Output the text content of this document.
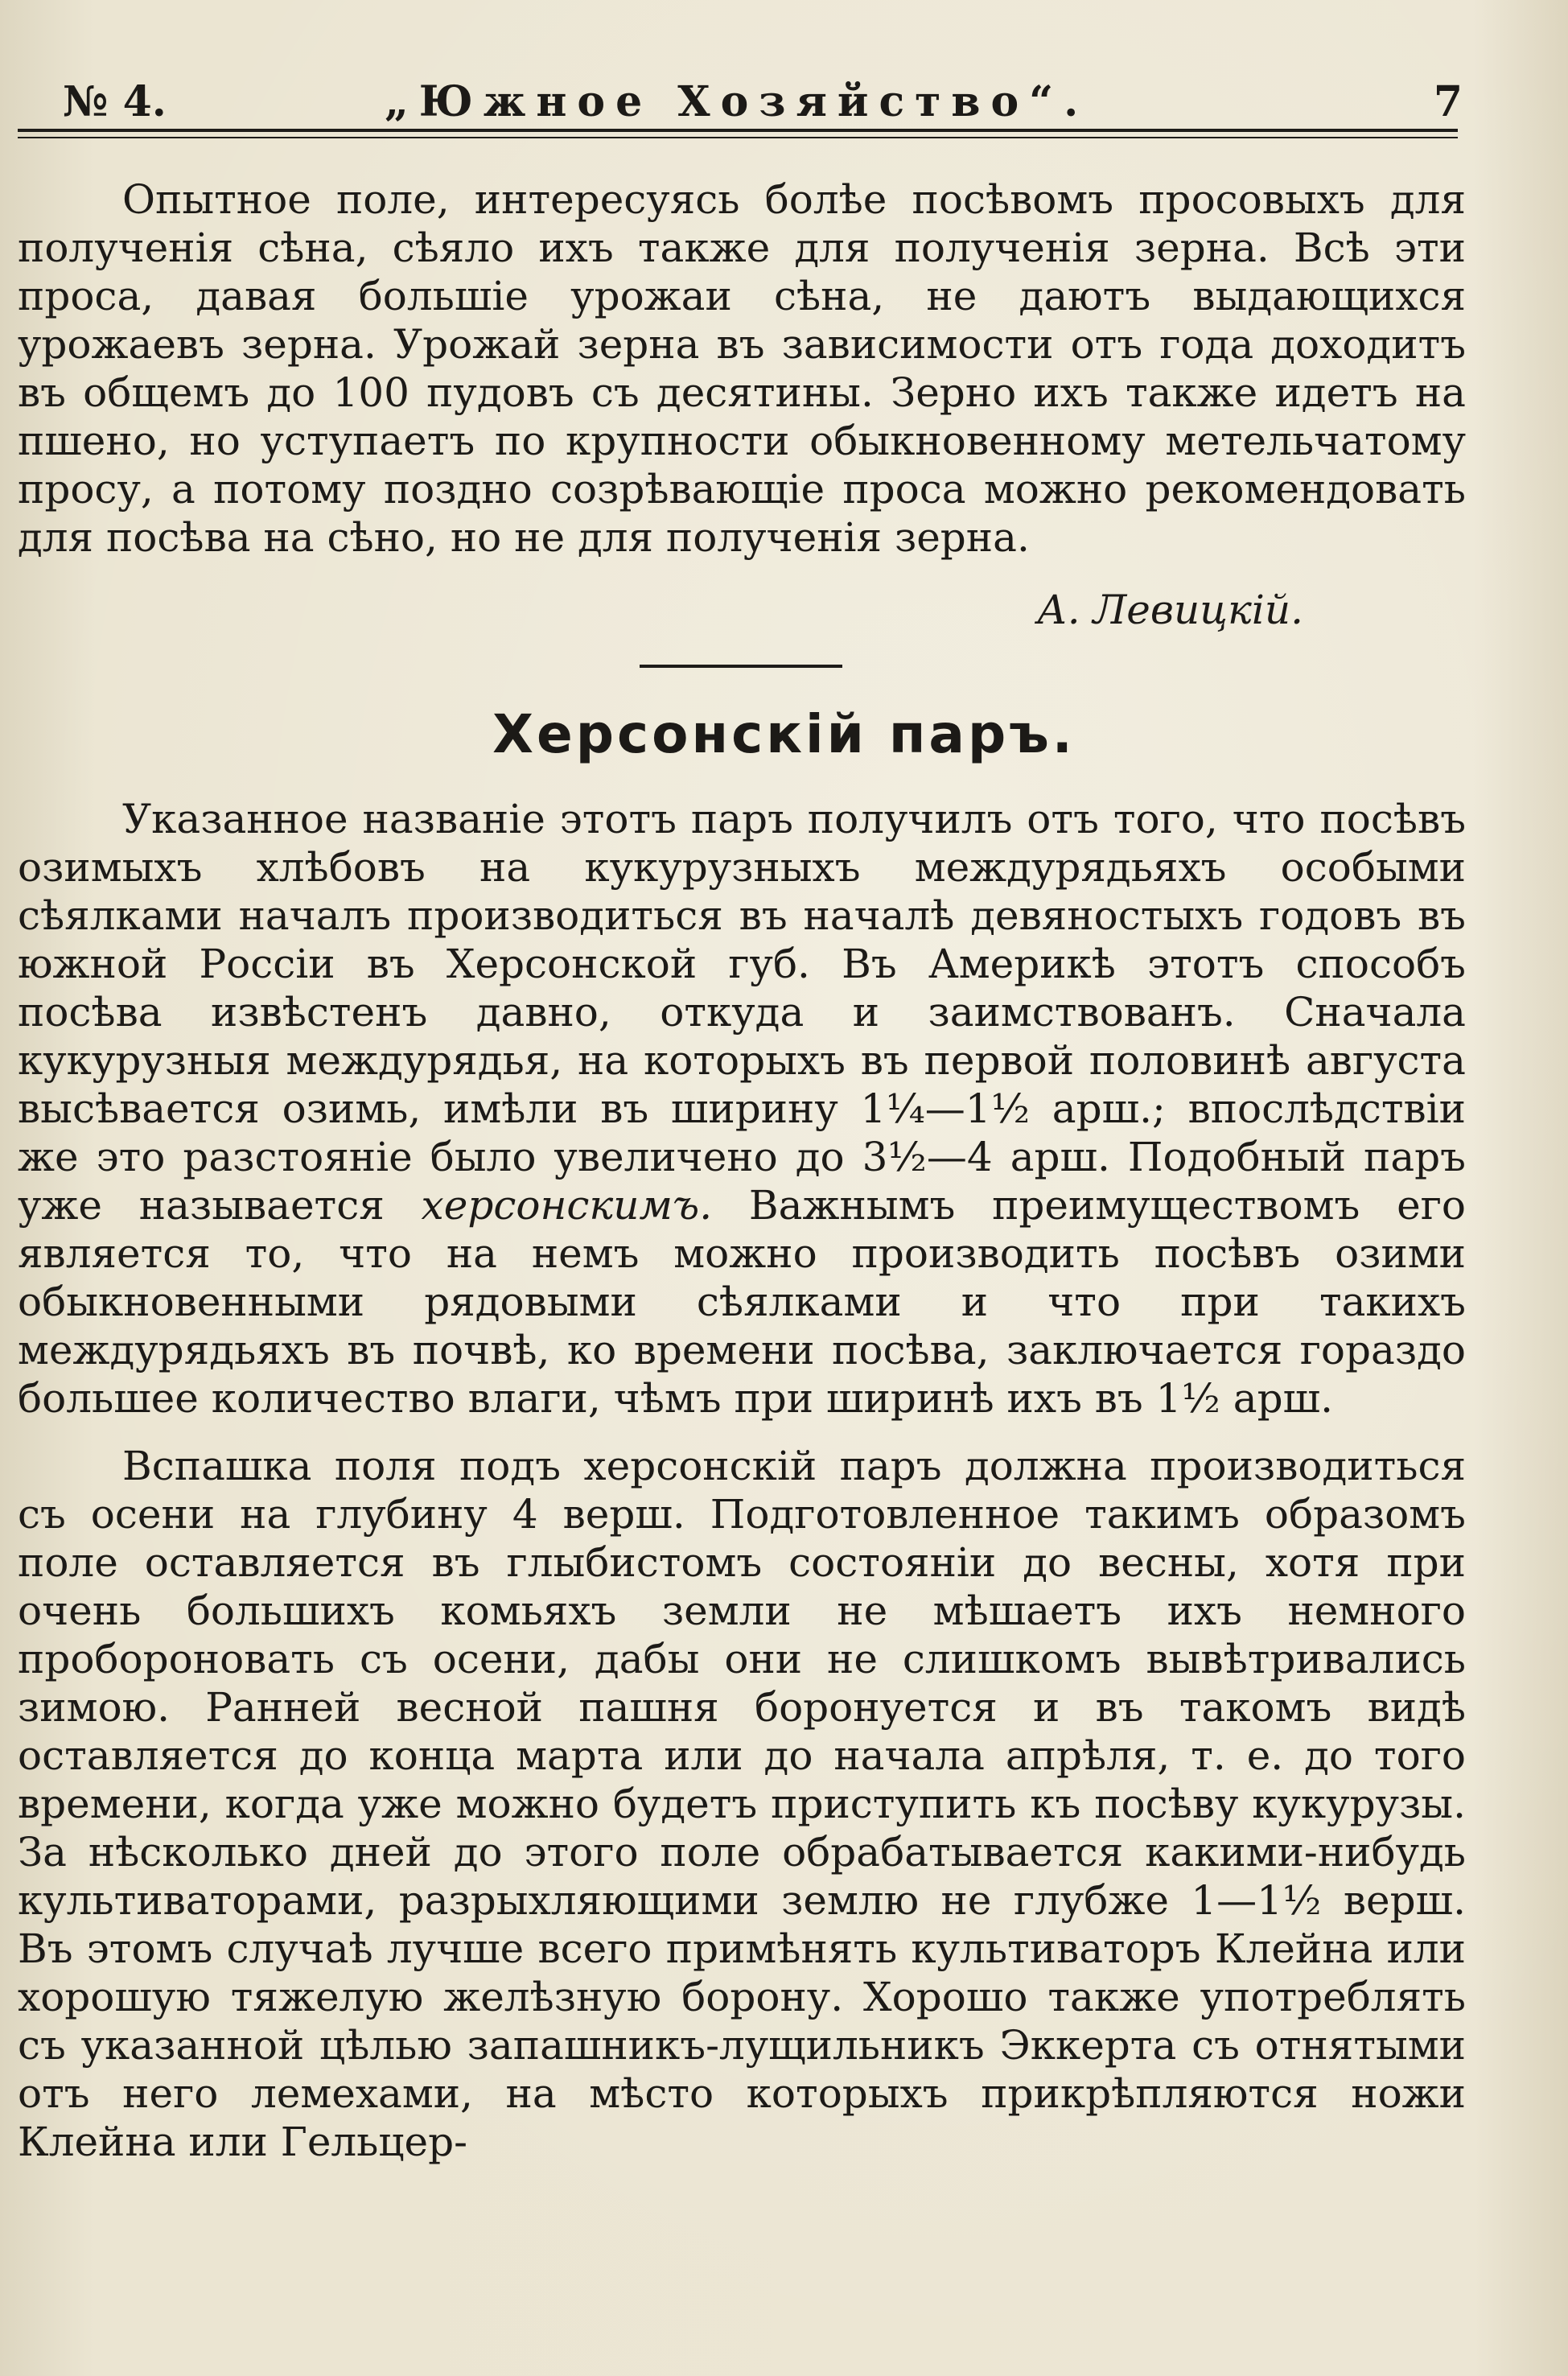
№ 4.	„Южное Хозяйство“.	7

Опытное поле, интересуясь болѣе посѣвомъ просовыхъ для полученія сѣна, сѣяло ихъ также для полученія зерна. Всѣ эти проса, давая большіе урожаи сѣна, не даютъ выдающихся урожаевъ зерна. Урожай зерна въ зависимости отъ года доходитъ въ общемъ до 100 пудовъ съ десятины. Зерно ихъ также идетъ на пшено, но уступаетъ по крупности обыкновенному метельчатому просу, а потому поздно созрѣвающіе проса можно рекомендовать для посѣва на сѣно, но не для полученія зерна.

А. Левицкій.
Херсонскій паръ.

Указанное названіе этотъ паръ получилъ отъ того, что посѣвъ озимыхъ хлѣбовъ на кукурузныхъ междурядьяхъ особыми сѣялками началъ производиться въ началѣ девяностыхъ годовъ въ южной Россіи въ Херсонской губ. Въ Америкѣ этотъ способъ посѣва извѣстенъ давно, откуда и заимствованъ. Сначала кукурузныя междурядья, на которыхъ въ первой половинѣ августа высѣвается озимь, имѣли въ ширину 1¼—1½ арш.; впослѣдствіи же это разстояніе было увеличено до 3½—4 арш. Подобный паръ уже называется херсонскимъ. Важнымъ преимуществомъ его является то, что на немъ можно производить посѣвъ озими обыкновенными рядовыми сѣялками и что при такихъ междурядьяхъ въ почвѣ, ко времени посѣва, заключается гораздо большее количество влаги, чѣмъ при ширинѣ ихъ въ 1½ арш.

Вспашка поля подъ херсонскій паръ должна производиться съ осени на глубину 4 верш. Подготовленное такимъ образомъ поле оставляется въ глыбистомъ состояніи до весны, хотя при очень большихъ комьяхъ земли не мѣшаетъ ихъ немного проборонoвать съ осени, дабы они не слишкомъ вывѣтривались зимою. Ранней весной пашня боронуется и въ такомъ видѣ оставляется до конца марта или до начала апрѣля, т. е. до того времени, когда уже можно будетъ приступить къ посѣву кукурузы. За нѣсколько дней до этого поле обрабатывается какими-нибудь культиваторами, разрыхляющими землю не глубже 1—1½ верш. Въ этомъ случаѣ лучше всего примѣнять культиваторъ Клейна или хорошую тяжелую желѣзную борону. Хорошо также употреблять съ указанной цѣлью запашникъ-лущильникъ Эккерта съ отнятыми отъ него лемехами, на мѣсто которыхъ прикрѣпляются ножи Клейна или Гельцер-
